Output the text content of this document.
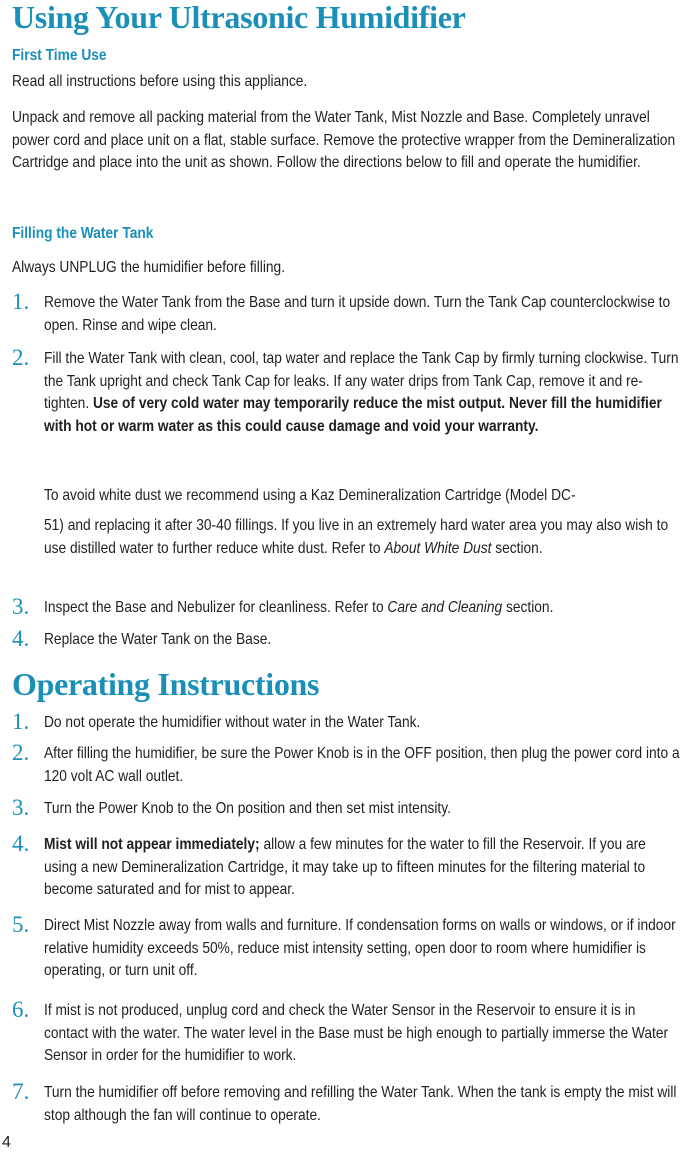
Using Your Ultrasonic Humidifier
First Time Use

Read all instructions before using this appliance.

Unpack and remove all packing material from the Water Tank, Mist Nozzle and Base. Completely unravel power cord and place unit on a flat, stable surface. Remove the protective wrapper from the Demineralization Cartridge and place into the unit as shown. Follow the directions below to fill and operate the humidifier.

Filling the Water Tank

Always UNPLUG the humidifier before filling.

1. Remove the Water Tank from the Base and turn it upside down. Turn the Tank Cap counterclockwise to open. Rinse and wipe clean.

2. Fill the Water Tank with clean, cool, tap water and replace the Tank Cap by firmly turning clockwise. Turn the Tank upright and check Tank Cap for leaks. If any water drips from Tank Cap, remove it and re-tighten. Use of very cold water may temporarily reduce the mist output. Never fill the humidifier with hot or warm water as this could cause damage and void your warranty.

To avoid white dust we recommend using a Kaz Demineralization Cartridge (Model DC-

51) and replacing it after 30-40 fillings. If you live in an extremely hard water area you may also wish to use distilled water to further reduce white dust. Refer to About White Dust section.

3. Inspect the Base and Nebulizer for cleanliness. Refer to Care and Cleaning section.

4. Replace the Water Tank on the Base.

Operating Instructions
1. Do not operate the humidifier without water in the Water Tank.

2. After filling the humidifier, be sure the Power Knob is in the OFF position, then plug the power cord into a 120 volt AC wall outlet.

3. Turn the Power Knob to the On position and then set mist intensity.

4. Mist will not appear immediately; allow a few minutes for the water to fill the Reservoir. If you are using a new Demineralization Cartridge, it may take up to fifteen minutes for the filtering material to become saturated and for mist to appear.

5. Direct Mist Nozzle away from walls and furniture. If condensation forms on walls or windows, or if indoor relative humidity exceeds 50%, reduce mist intensity setting, open door to room where humidifier is operating, or turn unit off.

6. If mist is not produced, unplug cord and check the Water Sensor in the Reservoir to ensure it is in contact with the water. The water level in the Base must be high enough to partially immerse the Water Sensor in order for the humidifier to work.

7. Turn the humidifier off before removing and refilling the Water Tank. When the tank is empty the mist will stop although the fan will continue to operate.

4
